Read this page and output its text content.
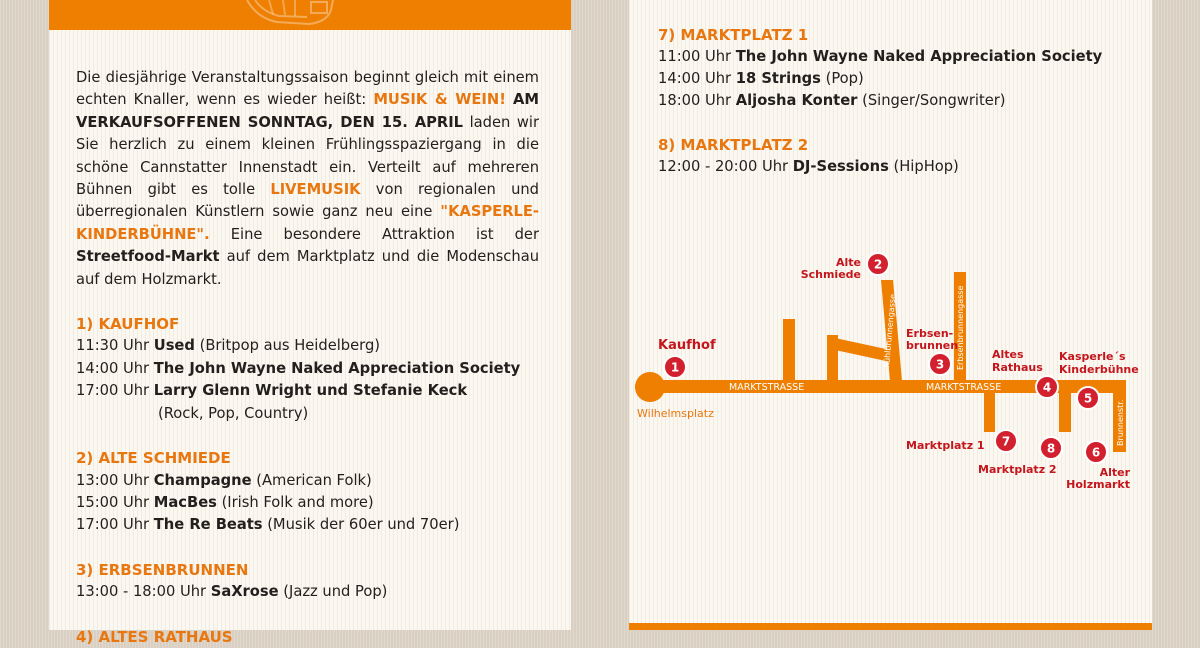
Die diesjährige Veranstaltungssaison beginnt gleich mit einem echten Knaller, wenn es wieder heißt: MUSIK & WEIN! AM VERKAUFSOFFENEN SONNTAG, DEN 15. APRIL laden wir Sie herzlich zu einem kleinen Frühlingsspaziergang in die schöne Cannstatter Innenstadt ein. Verteilt auf mehreren Bühnen gibt es tolle LIVEMUSIK von regionalen und überregionalen Künstlern sowie ganz neu eine "KASPERLE-KINDERBÜHNE". Eine besondere Attraktion ist der Streetfood-Markt auf dem Marktplatz und die Modenschau auf dem Holzmarkt.

1) KAUFHOF

11:30 Uhr Used (Britpop aus Heidelberg)

14:00 Uhr The John Wayne Naked Appreciation Society

17:00 Uhr Larry Glenn Wright und Stefanie Keck
(Rock, Pop, Country)

2) ALTE SCHMIEDE

13:00 Uhr Champagne (American Folk)

15:00 Uhr MacBes (Irish Folk and more)

17:00 Uhr The Re Beats (Musik der 60er und 70er)

3) ERBSENBRUNNEN

13:00 - 18:00 Uhr SaXrose (Jazz und Pop)

4) ALTES RATHAUS

7) MARKTPLATZ 1

11:00 Uhr The John Wayne Naked Appreciation Society

14:00 Uhr 18 Strings (Pop)

18:00 Uhr Aljosha Konter (Singer/Songwriter)

8) MARKTPLATZ 2

12:00 - 20:00 Uhr DJ-Sessions (HipHop)

MARKTSTRASSE	MARKTSTRASSE
Kühlbrunnengasse	Erbsenbrunnengasse
Brunnenstr.
Kaufhof
Wilhelmsplatz
Alte
Schmiede
Erbsen-
brunnen
Altes
Rathaus
Kasperle´s
Kinderbühne
Marktplatz 1
Marktplatz 2	Alter
Holzmarkt
1
2
3
4
5
6
7	8
